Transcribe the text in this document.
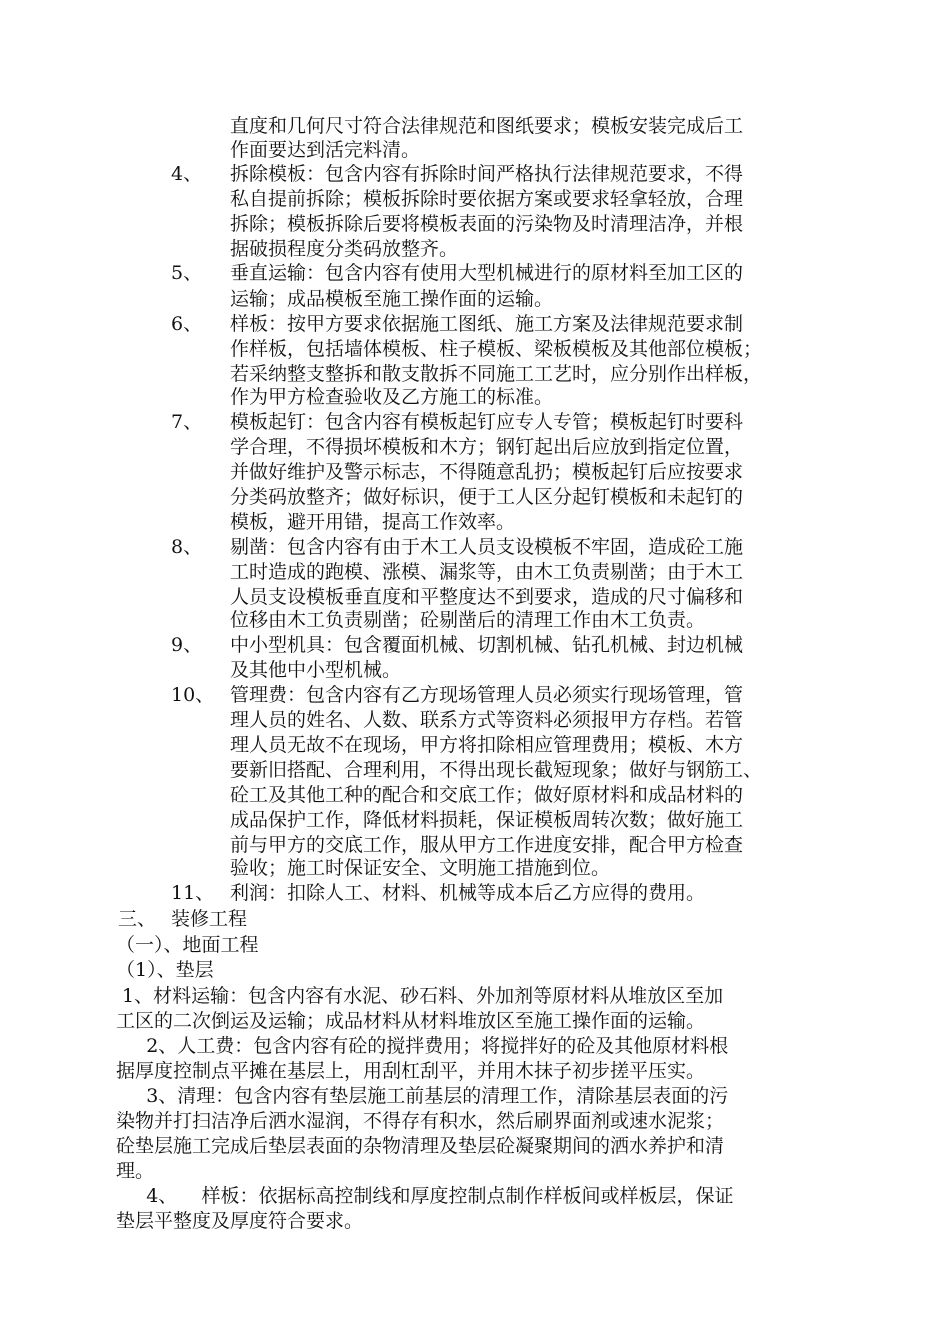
直度和几何尺寸符合法律规范和图纸要求；模板安装完成后工
作面要达到活完料清。
4、 拆除模板：包含内容有拆除时间严格执行法律规范要求，不得
私自提前拆除；模板拆除时要依据方案或要求轻拿轻放，合理
拆除；模板拆除后要将模板表面的污染物及时清理洁净，并根
据破损程度分类码放整齐。
5、 垂直运输：包含内容有使用大型机械进行的原材料至加工区的
运输；成品模板至施工操作面的运输。
6、 样板：按甲方要求依据施工图纸、施工方案及法律规范要求制
作样板，包括墙体模板、柱子模板、梁板模板及其他部位模板；
若采纳整支整拆和散支散拆不同施工工艺时，应分别作出样板，
作为甲方检查验收及乙方施工的标准。
7、 模板起钉：包含内容有模板起钉应专人专管；模板起钉时要科
学合理，不得损坏模板和木方；钢钉起出后应放到指定位置，
并做好维护及警示标志，不得随意乱扔；模板起钉后应按要求
分类码放整齐；做好标识，便于工人区分起钉模板和未起钉的
模板，避开用错，提高工作效率。
8、 剔凿：包含内容有由于木工人员支设模板不牢固，造成砼工施
工时造成的跑模、涨模、漏浆等，由木工负责剔凿；由于木工
人员支设模板垂直度和平整度达不到要求，造成的尺寸偏移和
位移由木工负责剔凿；砼剔凿后的清理工作由木工负责。
9、 中小型机具：包含覆面机械、切割机械、钻孔机械、封边机械
及其他中小型机械。
10、 管理费：包含内容有乙方现场管理人员必须实行现场管理，管
理人员的姓名、人数、联系方式等资料必须报甲方存档。若管
理人员无故不在现场，甲方将扣除相应管理费用；模板、木方
要新旧搭配、合理利用，不得出现长截短现象；做好与钢筋工、
砼工及其他工种的配合和交底工作；做好原材料和成品材料的
成品保护工作，降低材料损耗，保证模板周转次数；做好施工
前与甲方的交底工作，服从甲方工作进度安排，配合甲方检查
验收；施工时保证安全、文明施工措施到位。
11、 利润：扣除人工、材料、机械等成本后乙方应得的费用。
三、 装修工程
（一）、地面工程
（1）、垫层
1、材料运输：包含内容有水泥、砂石料、外加剂等原材料从堆放区至加
工区的二次倒运及运输；成品材料从材料堆放区至施工操作面的运输。
2、人工费：包含内容有砼的搅拌费用；将搅拌好的砼及其他原材料根
据厚度控制点平摊在基层上，用刮杠刮平，并用木抹子初步搓平压实。
3、清理：包含内容有垫层施工前基层的清理工作，清除基层表面的污
染物并打扫洁净后洒水湿润，不得存有积水，然后刷界面剂或速水泥浆；
砼垫层施工完成后垫层表面的杂物清理及垫层砼凝聚期间的洒水养护和清
理。
4、    样板：依据标高控制线和厚度控制点制作样板间或样板层，保证
垫层平整度及厚度符合要求。
